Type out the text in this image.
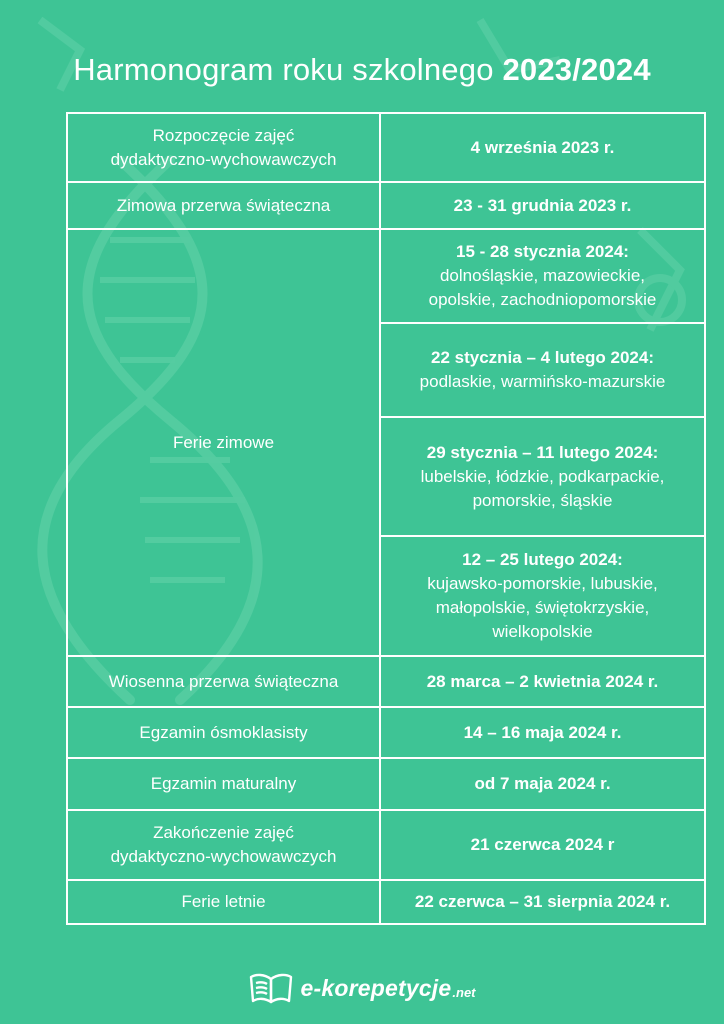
Harmonogram roku szkolnego 2023/2024
Rozpoczęcie zajęć
dydaktyczno-wychowawczych	4 września 2023 r.
Zimowa przerwa świąteczna	23 - 31 grudnia 2023 r.
Ferie zimowe	15 - 28 stycznia 2024:
dolnośląskie, mazowieckie,
opolskie, zachodniopomorskie

	22 stycznia – 4 lutego 2024:
podlaskie, warmińsko-mazurskie

	29 stycznia – 11 lutego 2024:
lubelskie, łódzkie, podkarpackie,
pomorskie, śląskie

	12 – 25 lutego 2024:
kujawsko-pomorskie, lubuskie,
małopolskie, świętokrzyskie,
wielkopolskie

Wiosenna przerwa świąteczna	28 marca – 2 kwietnia 2024 r.
Egzamin ósmoklasisty	14 – 16 maja 2024 r.
Egzamin maturalny	od 7 maja 2024 r.
Zakończenie zajęć
dydaktyczno-wychowawczych	21 czerwca 2024 r
Ferie letnie	22 czerwca – 31 sierpnia 2024 r.
e-korepetycje .net
